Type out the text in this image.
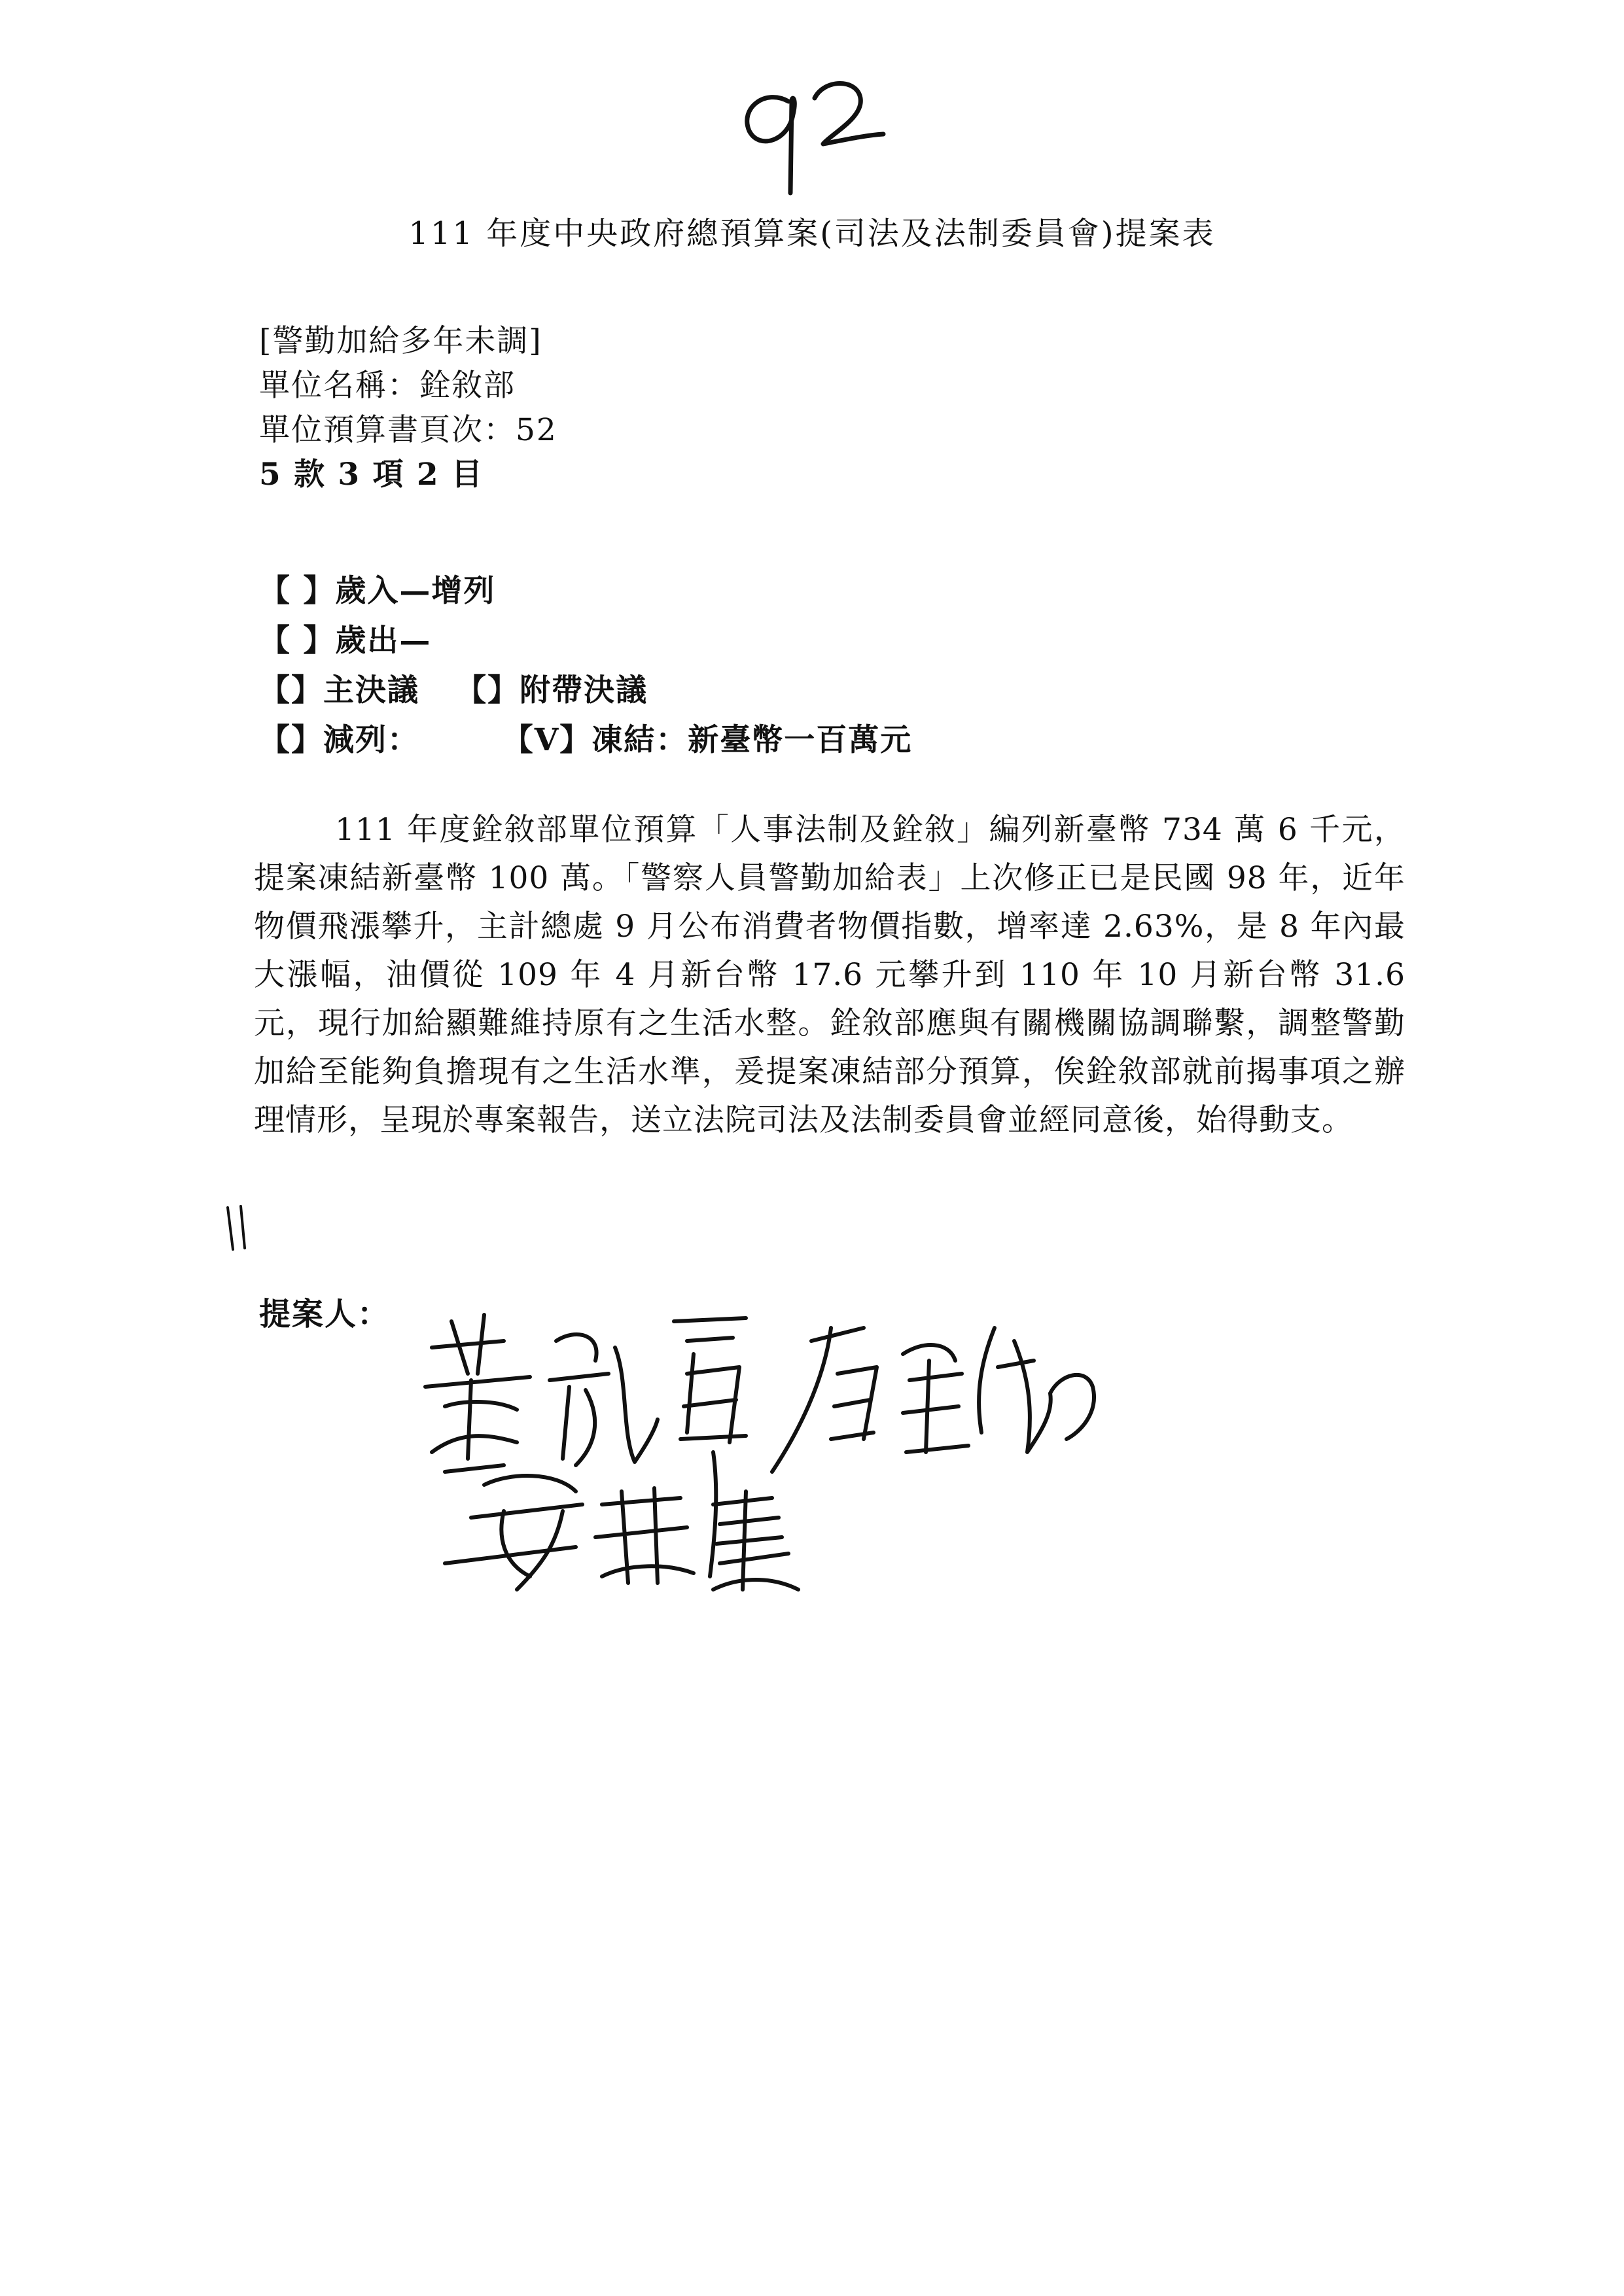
111 年度中央政府總預算案(司法及法制委員會)提案表
[警勤加給多年未調]
單位名稱：銓敘部
單位預算書頁次：52
5 款 3 項 2 目
【 】歲入—增列
【 】歲出—
【】主決議 【】附帶決議
【】減列：	【V】凍結：新臺幣一百萬元
111 年度銓敘部單位預算「人事法制及銓敘」編列新臺幣 734 萬 6 千元，提案凍結新臺幣 100 萬。「警察人員警勤加給表」上次修正已是民國 98 年，近年物價飛漲攀升，主計總處 9 月公布消費者物價指數，增率達 2.63%，是 8 年內最大漲幅，油價從 109 年 4 月新台幣 17.6 元攀升到 110 年 10 月新台幣 31.6 元，現行加給顯難維持原有之生活水整。銓敘部應與有關機關協調聯繫，調整警勤加給至能夠負擔現有之生活水準，爰提案凍結部分預算，俟銓敘部就前揭事項之辦理情形，呈現於專案報告，送立法院司法及法制委員會並經同意後，始得動支。
提案人：
